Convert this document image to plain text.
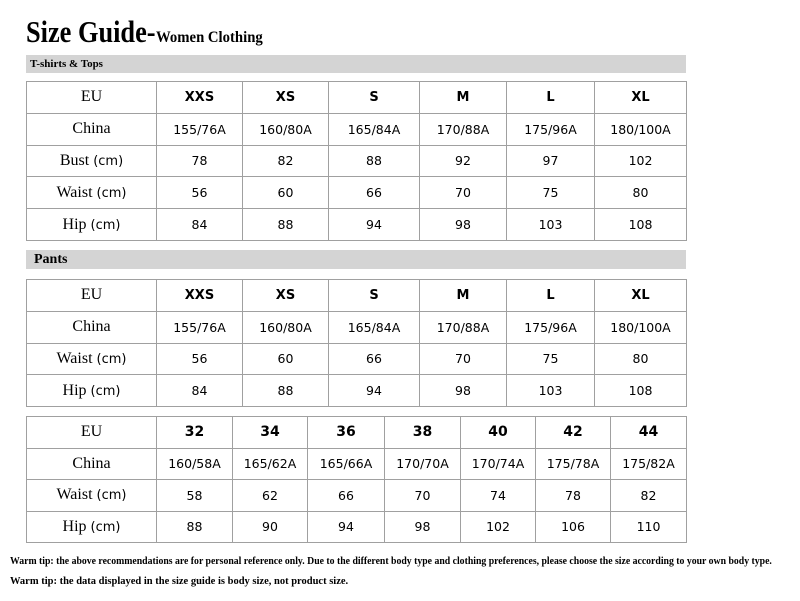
Size Guide- Women Clothing
T-shirts & Tops
EU	XXS	XS	S	M	L	XL
China	155/76A	160/80A	165/84A	170/88A	175/96A	180/100A
Bust (cm)	78	82	88	92	97	102
Waist (cm)	56	60	66	70	75	80
Hip (cm)	84	88	94	98	103	108
Pants
EU	XXS	XS	S	M	L	XL
China	155/76A	160/80A	165/84A	170/88A	175/96A	180/100A
Waist (cm)	56	60	66	70	75	80
Hip (cm)	84	88	94	98	103	108
EU	32	34	36	38	40	42	44
China	160/58A	165/62A	165/66A	170/70A	170/74A	175/78A	175/82A
Waist (cm)	58	62	66	70	74	78	82
Hip (cm)	88	90	94	98	102	106	110
Warm tip: the above recommendations are for personal reference only. Due to the different body type and clothing preferences, please choose the size according to your own body type.
Warm tip: the data displayed in the size guide is body size, not product size.
